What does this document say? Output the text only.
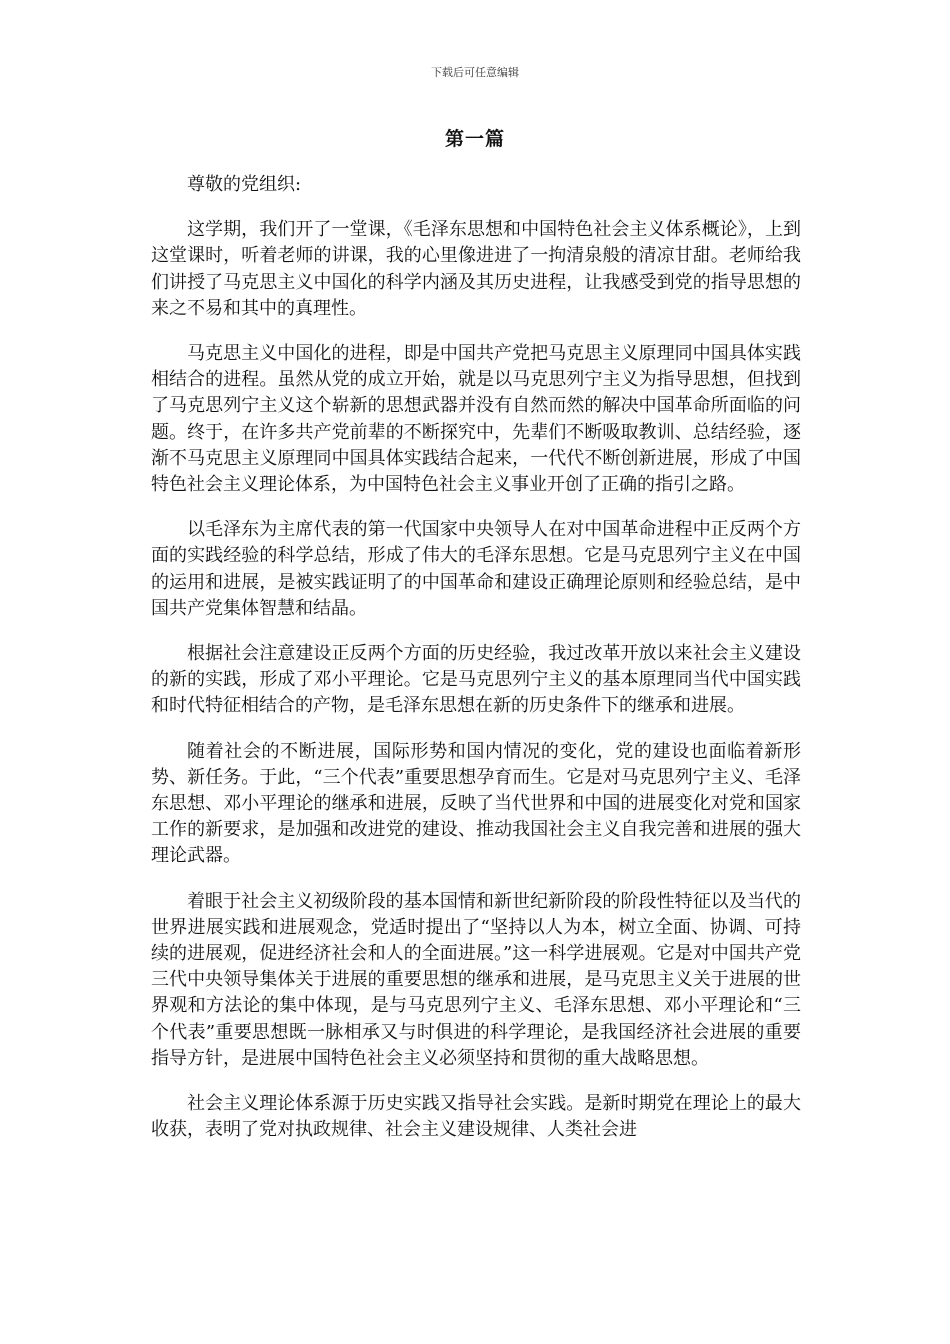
下载后可任意编辑
第一篇

尊敬的党组织:

这学期，我们开了一堂课，《毛泽东思想和中国特色社会主义体系概论》，上到这堂课时，听着老师的讲课，我的心里像进进了一拘清泉般的清凉甘甜。老师给我们讲授了马克思主义中国化的科学内涵及其历史进程，让我感受到党的指导思想的来之不易和其中的真理性。

马克思主义中国化的进程，即是中国共产党把马克思主义原理同中国具体实践相结合的进程。虽然从党的成立开始，就是以马克思列宁主义为指导思想，但找到了马克思列宁主义这个崭新的思想武器并没有自然而然的解决中国革命所面临的问题。终于，在许多共产党前辈的不断探究中，先辈们不断吸取教训、总结经验，逐渐不马克思主义原理同中国具体实践结合起来，一代代不断创新进展，形成了中国特色社会主义理论体系，为中国特色社会主义事业开创了正确的指引之路。

以毛泽东为主席代表的第一代国家中央领导人在对中国革命进程中正反两个方面的实践经验的科学总结，形成了伟大的毛泽东思想。它是马克思列宁主义在中国的运用和进展，是被实践证明了的中国革命和建设正确理论原则和经验总结，是中国共产党集体智慧和结晶。

根据社会注意建设正反两个方面的历史经验，我过改革开放以来社会主义建设的新的实践，形成了邓小平理论。它是马克思列宁主义的基本原理同当代中国实践和时代特征相结合的产物，是毛泽东思想在新的历史条件下的继承和进展。

随着社会的不断进展，国际形势和国内情况的变化，党的建设也面临着新形势、新任务。于此，“三个代表”重要思想孕育而生。它是对马克思列宁主义、毛泽东思想、邓小平理论的继承和进展，反映了当代世界和中国的进展变化对党和国家工作的新要求，是加强和改进党的建设、推动我国社会主义自我完善和进展的强大理论武器。

着眼于社会主义初级阶段的基本国情和新世纪新阶段的阶段性特征以及当代的世界进展实践和进展观念，党适时提出了“坚持以人为本，树立全面、协调、可持续的进展观，促进经济社会和人的全面进展。”这一科学进展观。它是对中国共产党三代中央领导集体关于进展的重要思想的继承和进展，是马克思主义关于进展的世界观和方法论的集中体现，是与马克思列宁主义、毛泽东思想、邓小平理论和“三个代表”重要思想既一脉相承又与时俱进的科学理论，是我国经济社会进展的重要指导方针，是进展中国特色社会主义必须坚持和贯彻的重大战略思想。

社会主义理论体系源于历史实践又指导社会实践。是新时期党在理论上的最大收获，表明了党对执政规律、社会主义建设规律、人类社会进
